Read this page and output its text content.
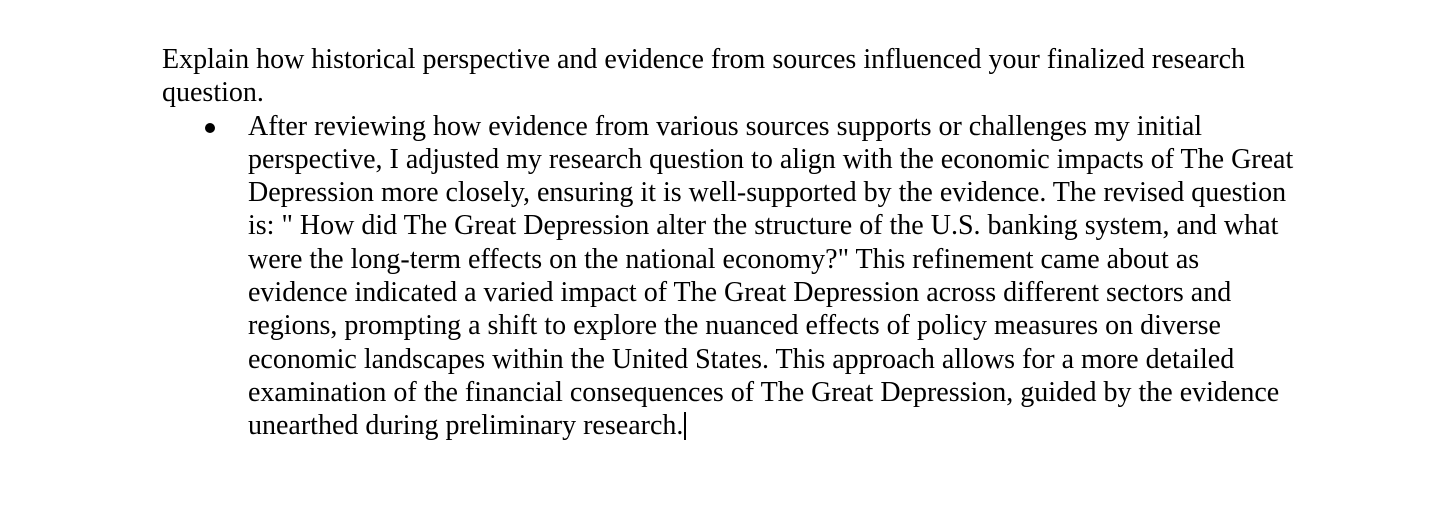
Explain how historical perspective and evidence from sources influenced your finalized research question.

After reviewing how evidence from various sources supports or challenges my initial perspective, I adjusted my research question to align with the economic impacts of The Great Depression more closely, ensuring it is well-supported by the evidence. The revised question is: " How did The Great Depression alter the structure of the U.S. banking system, and what were the long-term effects on the national economy?" This refinement came about as evidence indicated a varied impact of The Great Depression across different sectors and regions, prompting a shift to explore the nuanced effects of policy measures on diverse economic landscapes within the United States. This approach allows for a more detailed examination of the financial consequences of The Great Depression, guided by the evidence unearthed during preliminary research.
